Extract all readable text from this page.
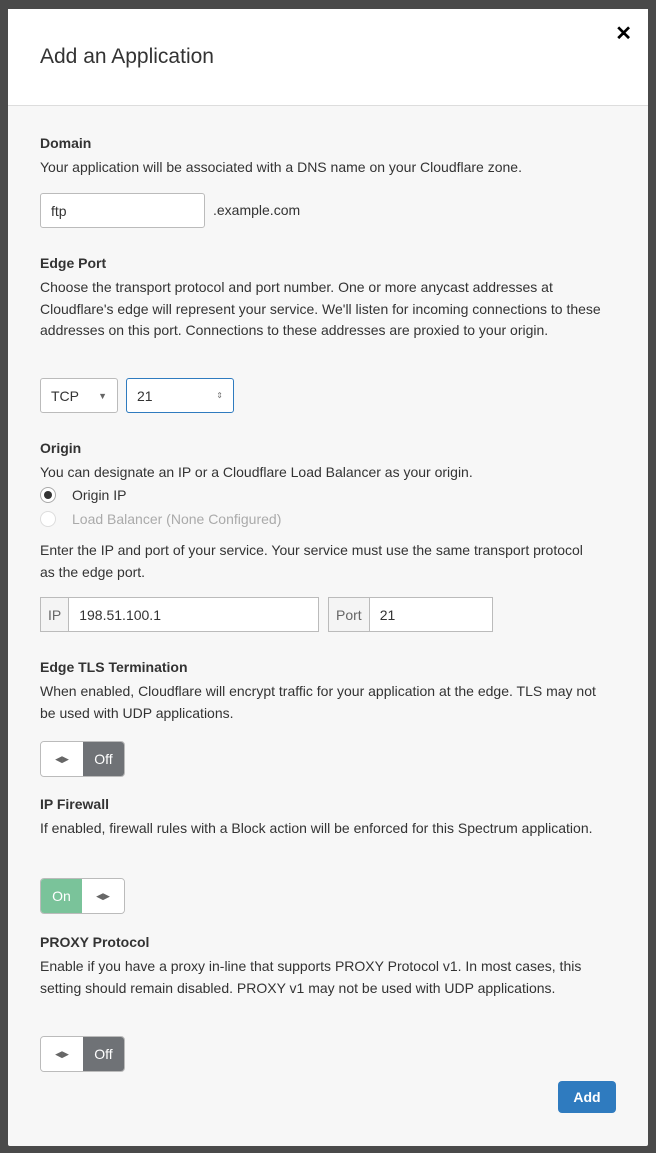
Add an Application
✕
Domain

Your application will be associated with a DNS name on your Cloudflare zone.

ftp	.example.com

Edge Port

Choose the transport protocol and port number. One or more anycast addresses at Cloudflare's edge will represent your service. We'll listen for incoming connections to these addresses on this port. Connections to these addresses are proxied to your origin.

TCP ▼ 21	⇕
Origin

You can designate an IP or a Cloudflare Load Balancer as your origin.

Origin IP
Load Balancer (None Configured)

Enter the IP and port of your service. Your service must use the same transport protocol as the edge port.

IP	198.51.100.1	Port	21
Edge TLS Termination

When enabled, Cloudflare will encrypt traffic for your application at the edge. TLS may not be used with UDP applications.

◀▶	Off
IP Firewall

If enabled, firewall rules with a Block action will be enforced for this Spectrum application.

On	◀▶
PROXY Protocol

Enable if you have a proxy in-line that supports PROXY Protocol v1. In most cases, this setting should remain disabled. PROXY v1 may not be used with UDP applications.

◀▶	Off
Add
